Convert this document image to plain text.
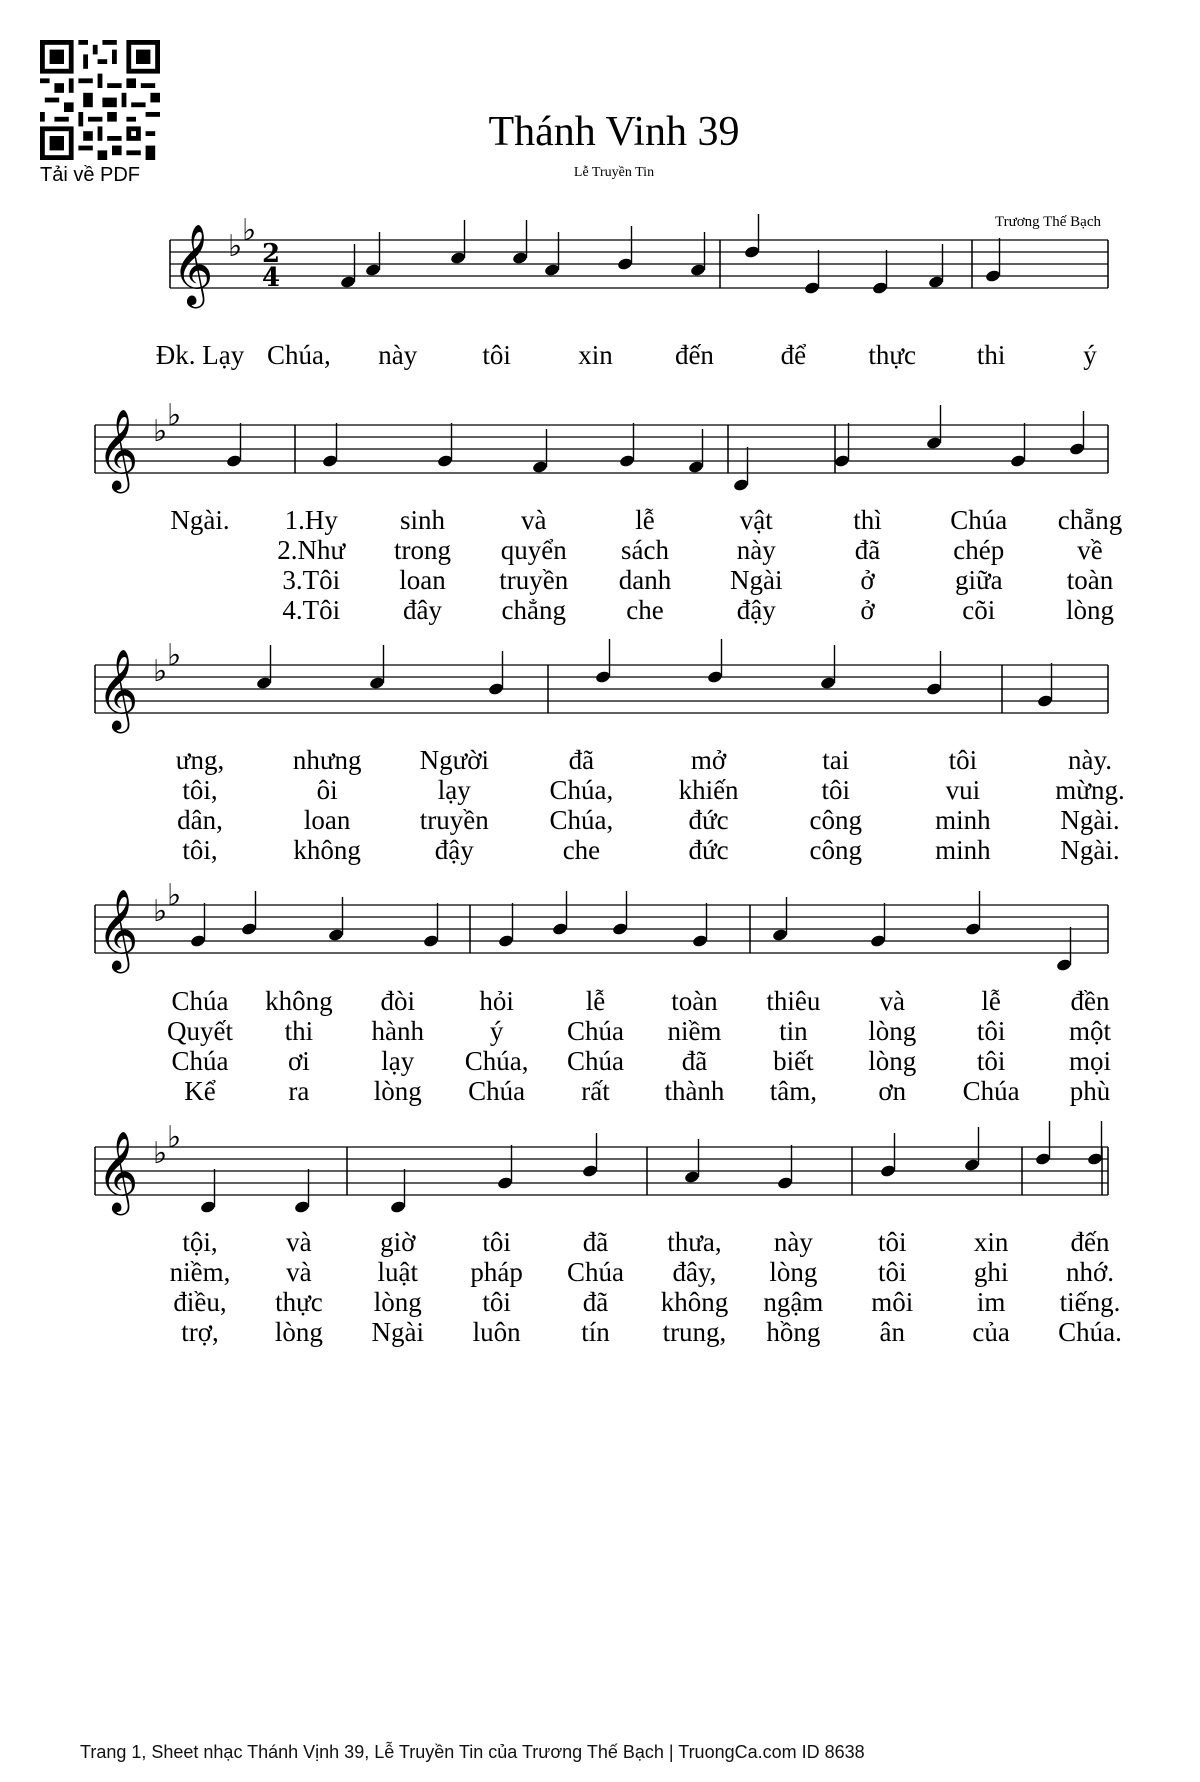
Tải về PDF
Thánh Vinh 39
Lễ Truyền Tin
Trương Thế Bạch
𝄞 ♭ ♭
2
4
𝄞 ♭ ♭
𝄞 ♭ ♭
𝄞 ♭ ♭
𝄞 ♭ ♭
Đk. Lạy Chúa, này tôi xin đến để thực thi	ý
Ngài. 1.Hy sinh	và	lễ	vật	thì	Chúa chẵng
2.Như trong quyển sách	này	đã	chép	về
3.Tôi loan truyền danh Ngài	ở	giữa toàn
4.Tôi đây chẳng che	đậy	ở	cõi	lòng
ưng,	nhưng Người	đã	mở	tai	tôi	này.
tôi,	ôi	lạy	Chúa, khiến	tôi	vui	mừng.
dân,	loan	truyền Chúa,	đức	công	minh	Ngài.
tôi,	không	đậy	che	đức	công	minh	Ngài.
Chúa không đòi hỏi	lễ toàn thiêu và	lễ	đền
Quyết thi hành ý Chúa niềm tin lòng tôi một
Chúa ơi	lạy Chúa, Chúa đã biết lòng tôi mọi
Kể	ra lòng Chúa rất thành tâm, ơn Chúa phù
tội,	và	giờ tôi	đã thưa, này tôi xin đến
niềm, và luật pháp Chúa đây, lòng tôi ghi nhớ.
điều, thực lòng tôi	đã không ngậm môi im tiếng.
trợ, lòng Ngài luôn tín trung, hồng ân của Chúa.
Trang 1, Sheet nhạc Thánh Vịnh 39, Lễ Truyền Tin của Trương Thế Bạch | TruongCa.com ID 8638
